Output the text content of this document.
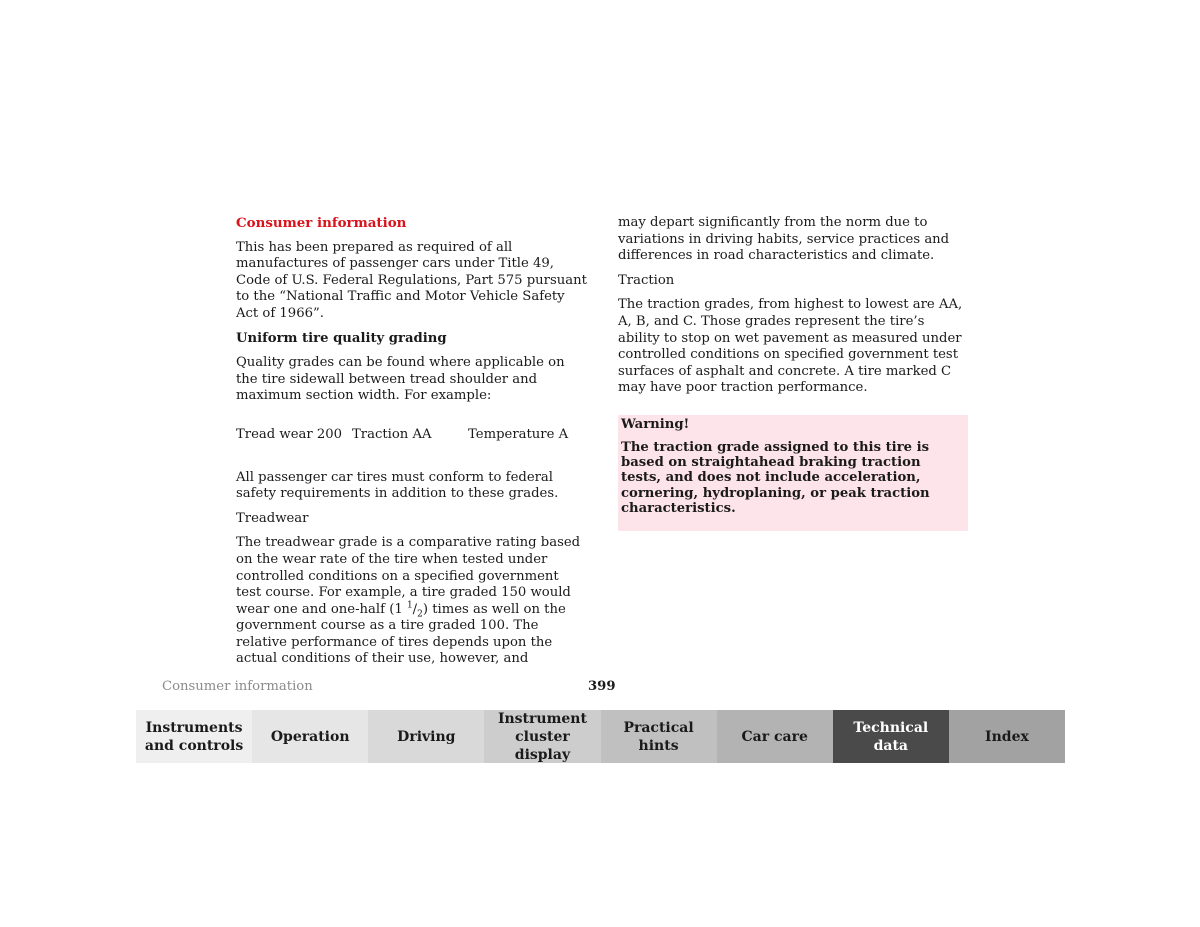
Consumer information

This has been prepared as required of all manufactures of passenger cars under Title 49, Code of U.S. Federal Regulations, Part 575 pursuant to the “National Traffic and Motor Vehicle Safety Act of 1966”.

Uniform tire quality grading

Quality grades can be found where applicable on the tire sidewall between tread shoulder and maximum section width. For example:

Tread wear 200 Traction AA	Temperature A

All passenger car tires must conform to federal safety requirements in addition to these grades.

Treadwear

The treadwear grade is a comparative rating based on the wear rate of the tire when tested under controlled conditions on a specified government test course. For example, a tire graded 150 would wear one and one-half (1 $^1/_2$) times as well on the government course as a tire graded 100. The relative performance of tires depends upon the actual conditions of their use, however, and

may depart significantly from the norm due to variations in driving habits, service practices and differences in road characteristics and climate.

Traction

The traction grades, from highest to lowest are AA, A, B, and C. Those grades represent the tire’s ability to stop on wet pavement as measured under controlled conditions on specified government test surfaces of asphalt and concrete. A tire marked C may have poor traction performance.

Warning!

The traction grade assigned to this tire is based on straightahead braking traction tests, and does not include acceleration, cornering, hydroplaning, or peak traction characteristics.

Consumer information	399
Instruments
and controls
Operation	Driving
Instrument
cluster display
Practical hints
Car care
Technical
data
Index
